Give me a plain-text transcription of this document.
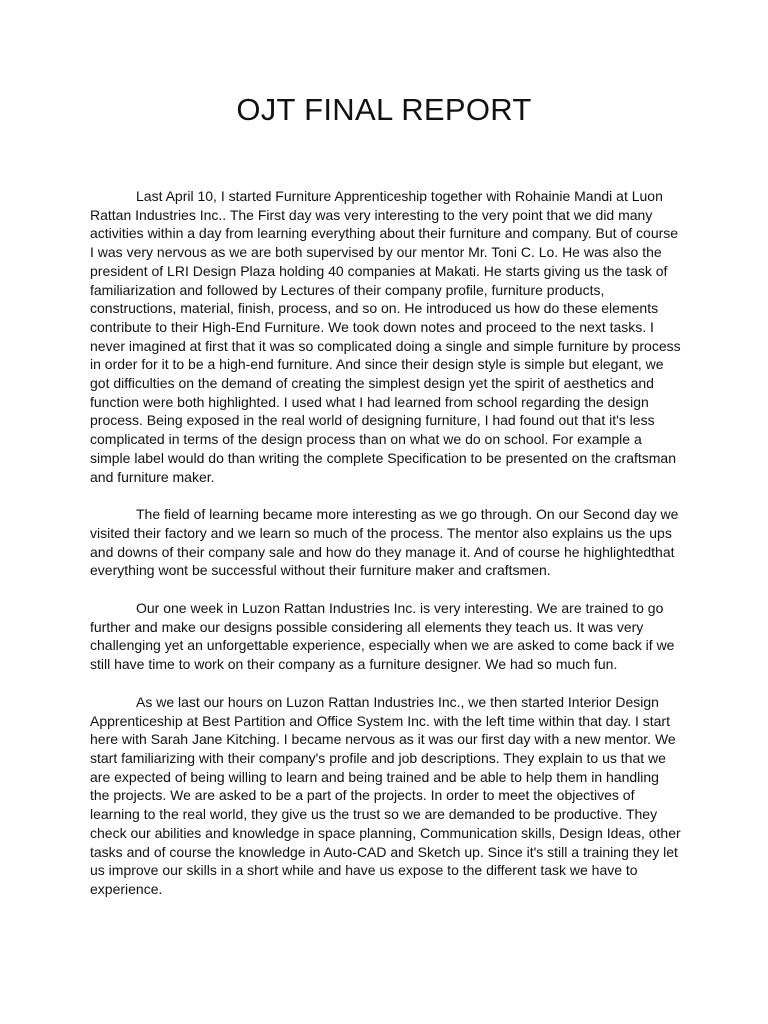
OJT FINAL REPORT

Last April 10, I started Furniture Apprenticeship together with Rohainie Mandi at Luon Rattan Industries Inc.. The First day was very interesting to the very point that we did many activities within a day from learning everything about their furniture and company. But of course I was very nervous as we are both supervised by our mentor Mr. Toni C. Lo. He was also the president of LRI Design Plaza holding 40 companies at Makati. He starts giving us the task of familiarization and followed by Lectures of their company profile, furniture products, constructions, material, finish, process, and so on. He introduced us how do these elements contribute to their High-End Furniture. We took down notes and proceed to the next tasks. I never imagined at first that it was so complicated doing a single and simple furniture by process in order for it to be a high-end furniture. And since their design style is simple but elegant, we got difficulties on the demand of creating the simplest design yet the spirit of aesthetics and function were both highlighted. I used what I had learned from school regarding the design process. Being exposed in the real world of designing furniture, I had found out that it's less complicated in terms of the design process than on what we do on school. For example a simple label would do than writing the complete Specification to be presented on the craftsman and furniture maker.

The field of learning became more interesting as we go through. On our Second day we visited their factory and we learn so much of the process. The mentor also explains us the ups and downs of their company sale and how do they manage it. And of course he highlightedthat everything wont be successful without their furniture maker and craftsmen.

Our one week in Luzon Rattan Industries Inc. is very interesting. We are trained to go further and make our designs possible considering all elements they teach us. It was very challenging yet an unforgettable experience, especially when we are asked to come back if we still have time to work on their company as a furniture designer. We had so much fun.

As we last our hours on Luzon Rattan Industries Inc., we then started Interior Design Apprenticeship at Best Partition and Office System Inc. with the left time within that day. I start here with Sarah Jane Kitching. I became nervous as it was our first day with a new mentor. We start familiarizing with their company's profile and job descriptions. They explain to us that we are expected of being willing to learn and being trained and be able to help them in handling the projects. We are asked to be a part of the projects. In order to meet the objectives of learning to the real world, they give us the trust so we are demanded to be productive. They check our abilities and knowledge in space planning, Communication skills, Design Ideas, other tasks and of course the knowledge in Auto-CAD and Sketch up. Since it's still a training they let us improve our skills in a short while and have us expose to the different task we have to experience.
